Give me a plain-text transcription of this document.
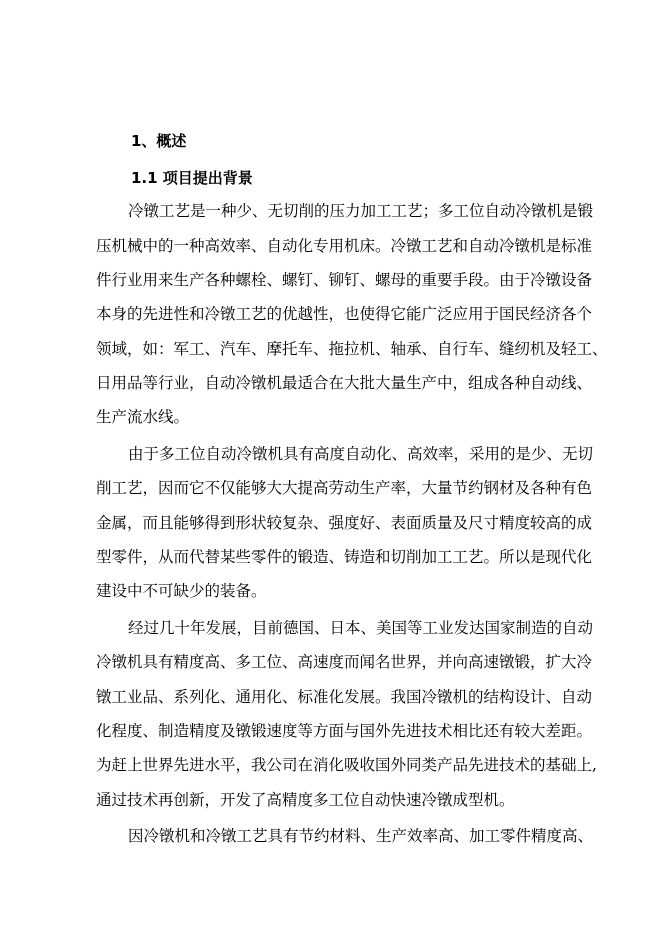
1、概述
1.1 项目提出背景
冷镦工艺是一种少、无切削的压力加工工艺；多工位自动冷镦机是锻
压机械中的一种高效率、自动化专用机床。冷镦工艺和自动冷镦机是标准
件行业用来生产各种螺栓、螺钉、铆钉、螺母的重要手段。由于冷镦设备
本身的先进性和冷镦工艺的优越性，也使得它能广泛应用于国民经济各个
领域，如：军工、汽车、摩托车、拖拉机、轴承、自行车、缝纫机及轻工、
日用品等行业，自动冷镦机最适合在大批大量生产中，组成各种自动线、
生产流水线。
由于多工位自动冷镦机具有高度自动化、高效率，采用的是少、无切
削工艺，因而它不仅能够大大提高劳动生产率，大量节约钢材及各种有色
金属，而且能够得到形状较复杂、强度好、表面质量及尺寸精度较高的成
型零件，从而代替某些零件的锻造、铸造和切削加工工艺。所以是现代化
建设中不可缺少的装备。
经过几十年发展，目前德国、日本、美国等工业发达国家制造的自动
冷镦机具有精度高、多工位、高速度而闻名世界，并向高速镦锻，扩大冷
镦工业品、系列化、通用化、标准化发展。我国冷镦机的结构设计、自动
化程度、制造精度及镦锻速度等方面与国外先进技术相比还有较大差距。
为赶上世界先进水平，我公司在消化吸收国外同类产品先进技术的基础上,
通过技术再创新，开发了高精度多工位自动快速冷镦成型机。
因冷镦机和冷镦工艺具有节约材料、生产效率高、加工零件精度高、
